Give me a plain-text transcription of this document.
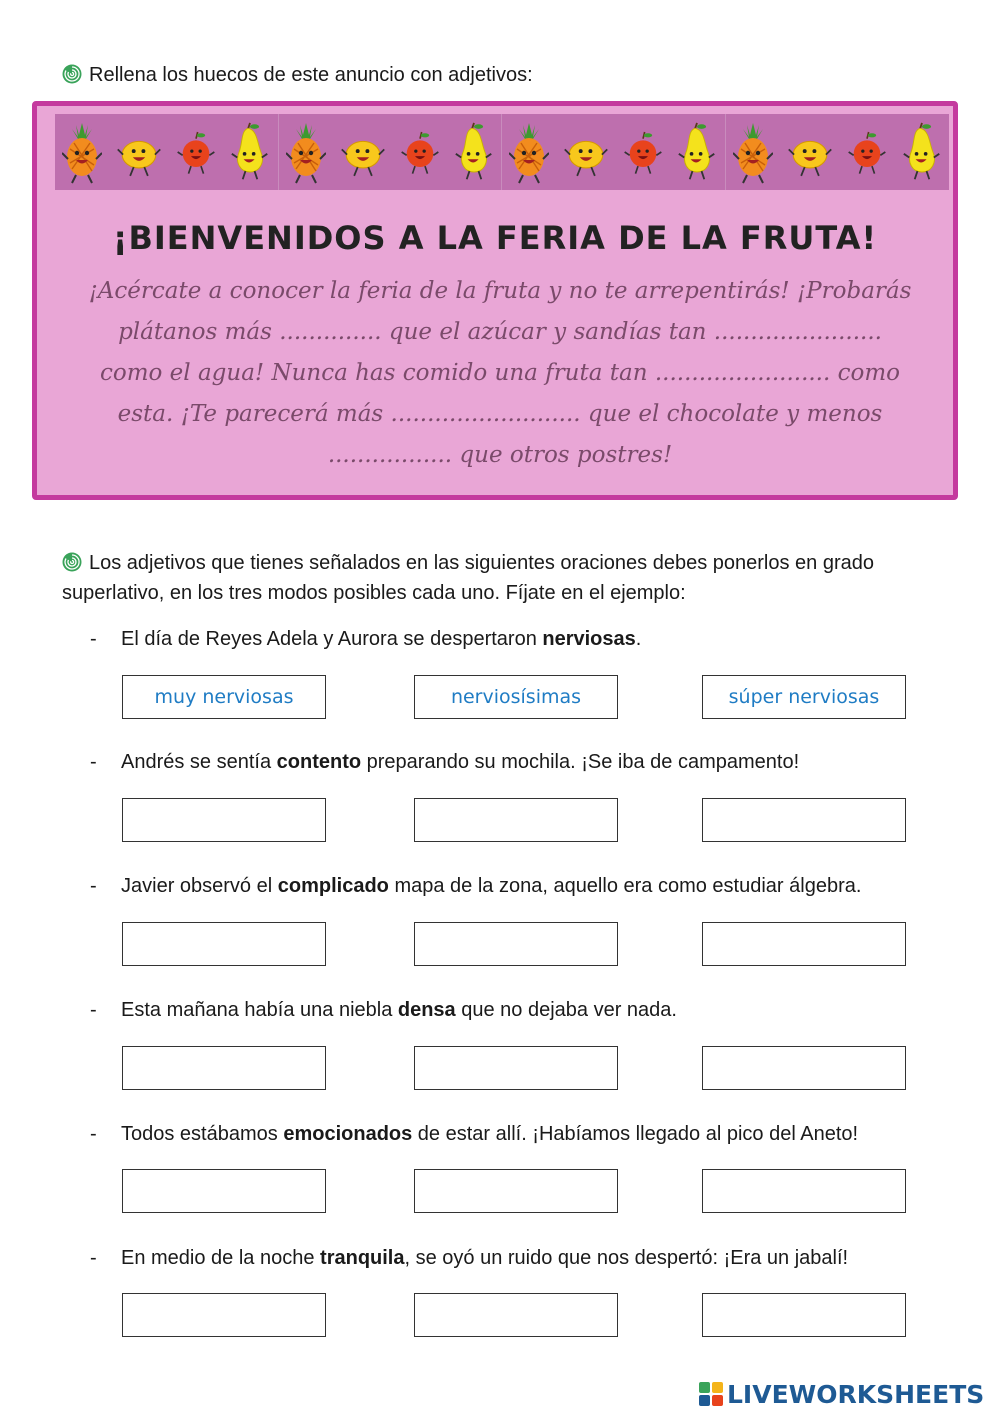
Rellena los huecos de este anuncio con adjetivos:
¡BIENVENIDOS A LA FERIA DE LA FRUTA!
¡Acércate a conocer la feria de la fruta y no te arrepentirás! ¡Probarás
plátanos más .............. que el azúcar y sandías tan .......................
como el agua! Nunca has comido una fruta tan ........................ como
esta. ¡Te parecerá más .......................... que el chocolate y menos
................. que otros postres!
Los adjetivos que tienes señalados en las siguientes oraciones debes ponerlos en grado superlativo, en los tres modos posibles cada uno. Fíjate en el ejemplo:
- El día de Reyes Adela y Aurora se despertaron nerviosas.
muy nerviosas	nerviosísimas	súper nerviosas
- Andrés se sentía contento preparando su mochila. ¡Se iba de campamento!
- Javier observó el complicado mapa de la zona, aquello era como estudiar álgebra.
- Esta mañana había una niebla densa que no dejaba ver nada.
- Todos estábamos emocionados de estar allí. ¡Habíamos llegado al pico del Aneto!
- En medio de la noche tranquila, se oyó un ruido que nos despertó: ¡Era un jabalí!
LIVEWORKSHEETS
